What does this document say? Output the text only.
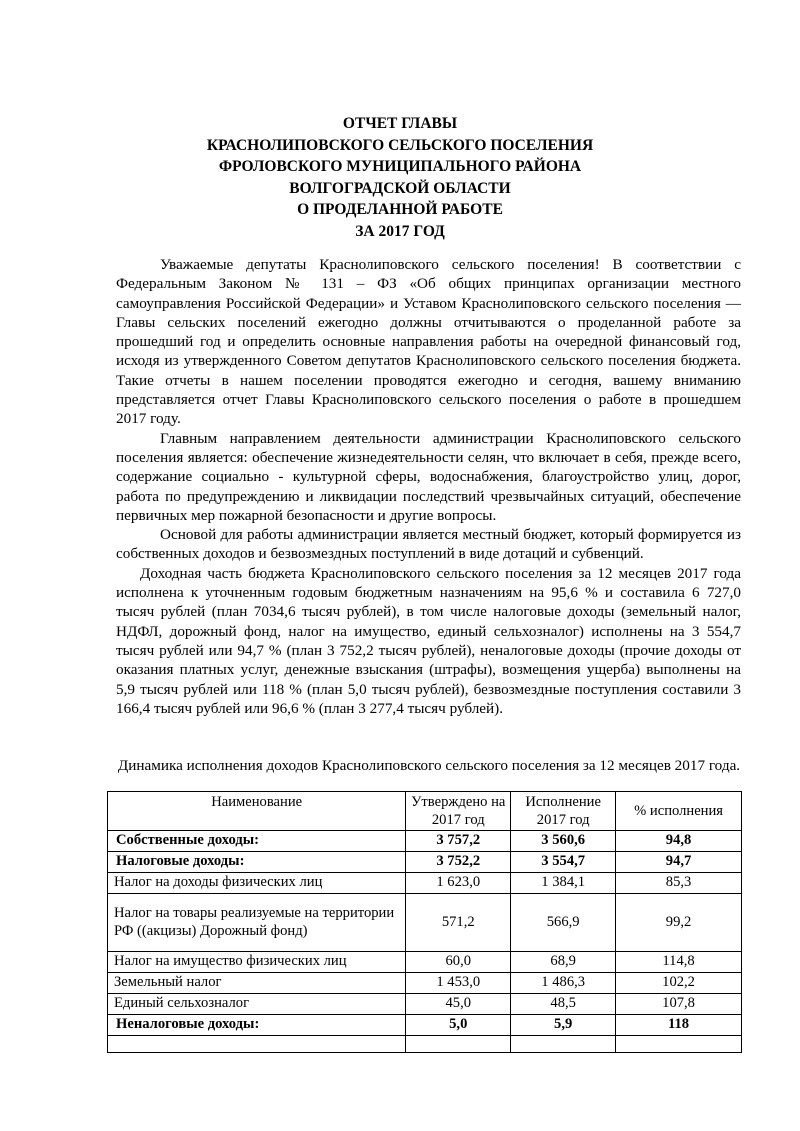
ОТЧЕТ ГЛАВЫ
КРАСНОЛИПОВСКОГО СЕЛЬСКОГО ПОСЕЛЕНИЯ
ФРОЛОВСКОГО МУНИЦИПАЛЬНОГО РАЙОНА
ВОЛГОГРАДСКОЙ ОБЛАСТИ
О ПРОДЕЛАННОЙ РАБОТЕ
ЗА 2017 ГОД

Уважаемые депутаты Краснолиповского сельского поселения! В соответствии с Федеральным Законом № 131 – ФЗ «Об общих принципах организации местного самоуправления Российской Федерации» и Уставом Краснолиповского сельского поселения — Главы сельских поселений ежегодно должны отчитываются о проделанной работе за прошедший год и определить основные направления работы на очередной финансовый год, исходя из утвержденного Советом депутатов Краснолиповского сельского поселения бюджета. Такие отчеты в нашем поселении проводятся ежегодно и сегодня, вашему вниманию представляется отчет Главы Краснолиповского сельского поселения о работе в прошедшем 2017 году.

Главным направлением деятельности администрации Краснолиповского сельского поселения является: обеспечение жизнедеятельности селян, что включает в себя, прежде всего, содержание социально - культурной сферы, водоснабжения, благоустройство улиц, дорог, работа по предупреждению и ликвидации последствий чрезвычайных ситуаций, обеспечение первичных мер пожарной безопасности и другие вопросы.

Основой для работы администрации является местный бюджет, который формируется из собственных доходов и безвозмездных поступлений в виде дотаций и субвенций.

Доходная часть бюджета Краснолиповского сельского поселения за 12 месяцев 2017 года исполнена к уточненным годовым бюджетным назначениям на 95,6 % и составила 6 727,0 тысяч рублей (план 7034,6 тысяч рублей), в том числе налоговые доходы (земельный налог, НДФЛ, дорожный фонд, налог на имущество, единый сельхозналог) исполнены на 3 554,7 тысяч рублей или 94,7 % (план 3 752,2 тысяч рублей), неналоговые доходы (прочие доходы от оказания платных услуг, денежные взыскания (штрафы), возмещения ущерба) выполнены на 5,9 тысяч рублей или 118 % (план 5,0 тысяч рублей), безвозмездные поступления составили 3 166,4 тысяч рублей или 96,6 % (план 3 277,4 тысяч рублей).

Динамика исполнения доходов Краснолиповского сельского поселения за 12 месяцев 2017 года.
Наименование	Утверждено на 2017 год	Исполнение 2017 год	% исполнения
Собственные доходы:	3 757,2	3 560,6	94,8
Налоговые доходы:	3 752,2	3 554,7	94,7
Налог на доходы физических лиц	1 623,0	1 384,1	85,3
Налог на товары реализуемые на территории РФ ((акцизы) Дорожный фонд)	571,2	566,9	99,2
Налог на имущество физических лиц	60,0	68,9	114,8
Земельный налог	1 453,0	1 486,3	102,2
Единый сельхозналог	45,0	48,5	107,8
Неналоговые доходы:	5,0	5,9	118
